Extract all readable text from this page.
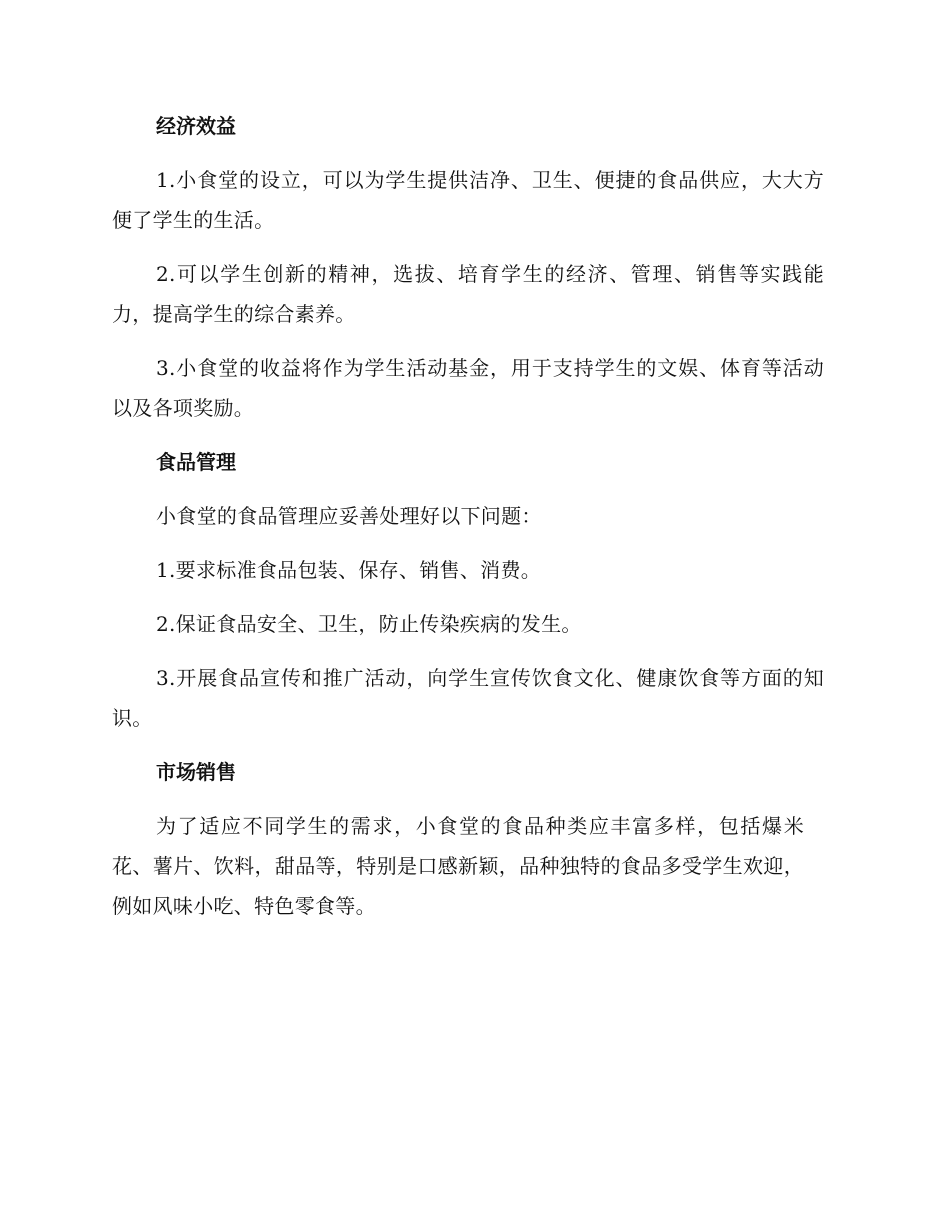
经济效益

1.小食堂的设立，可以为学生提供洁净、卫生、便捷的食品供应，大大方便了学生的生活。

2.可以学生创新的精神，选拔、培育学生的经济、管理、销售等实践能力，提高学生的综合素养。

3.小食堂的收益将作为学生活动基金，用于支持学生的文娱、体育等活动以及各项奖励。

食品管理

小食堂的食品管理应妥善处理好以下问题：

1.要求标准食品包装、保存、销售、消费。

2.保证食品安全、卫生，防止传染疾病的发生。

3.开展食品宣传和推广活动，向学生宣传饮食文化、健康饮食等方面的知识。

市场销售

为了适应不同学生的需求，小食堂的食品种类应丰富多样，包括爆米花、薯片、饮料，甜品等，特别是口感新颖，品种独特的食品多受学生欢迎，例如风味小吃、特色零食等。
